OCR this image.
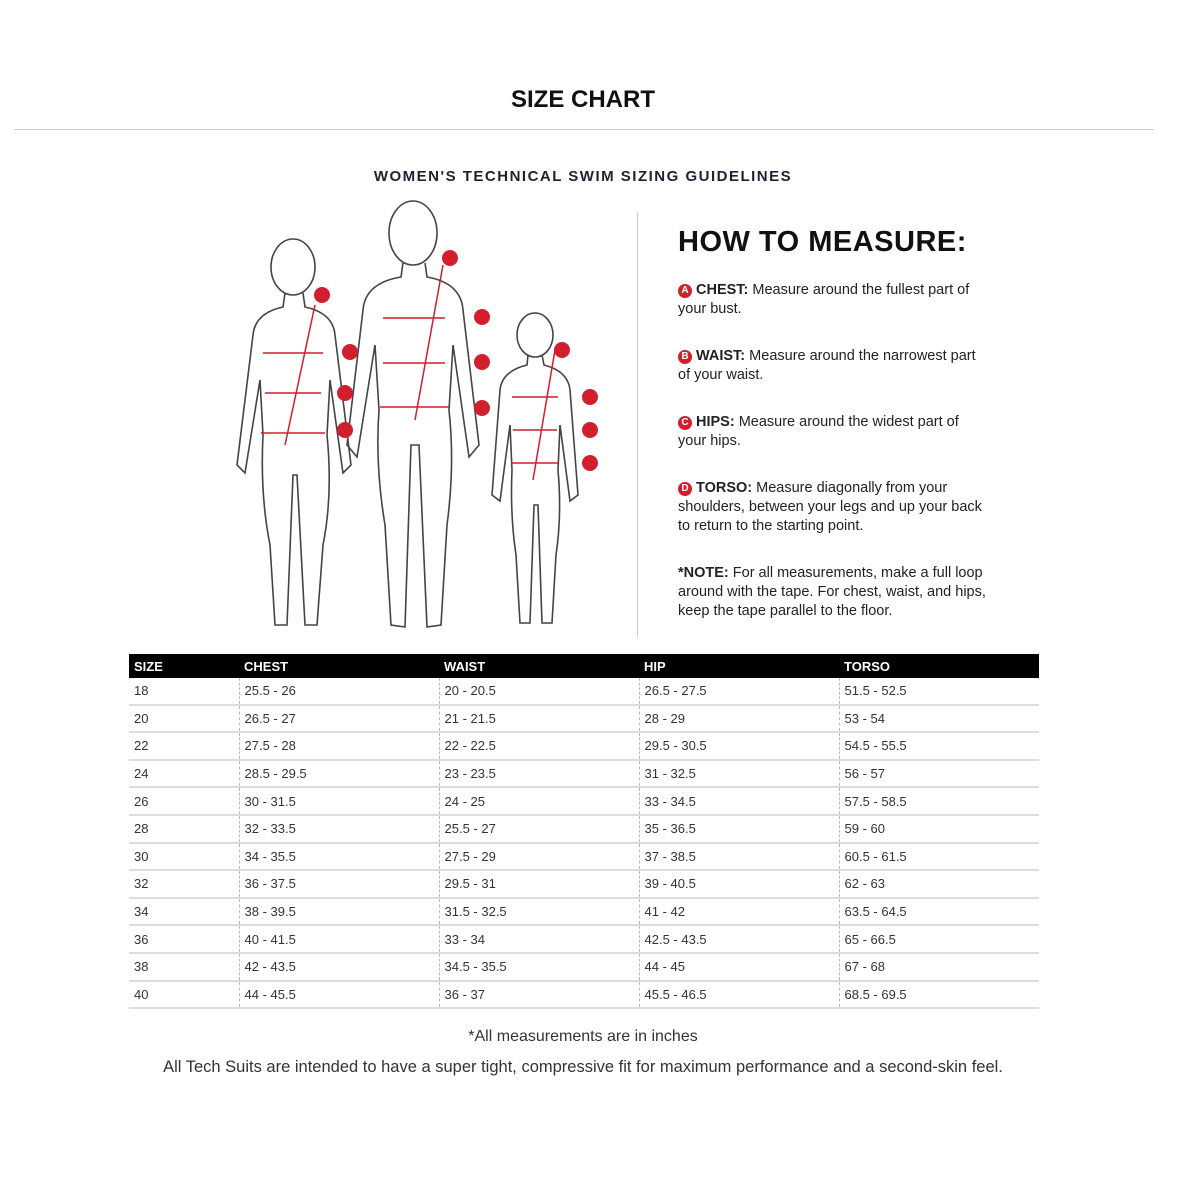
SIZE CHART
WOMEN'S TECHNICAL SWIM SIZING GUIDELINES
HOW TO MEASURE:
A CHEST: Measure around the fullest part of your bust.
B WAIST: Measure around the narrowest part of your waist.
C HIPS: Measure around the widest part of your hips.
D TORSO: Measure diagonally from your shoulders, between your legs and up your back to return to the starting point.
*NOTE: For all measurements, make a full loop around with the tape. For chest, waist, and hips, keep the tape parallel to the floor.
SIZE	CHEST	WAIST	HIP	TORSO
18	25.5 - 26	20 - 20.5	26.5 - 27.5	51.5 - 52.5
20	26.5 - 27	21 - 21.5	28 - 29	53 - 54
22	27.5 - 28	22 - 22.5	29.5 - 30.5	54.5 - 55.5
24	28.5 - 29.5	23 - 23.5	31 - 32.5	56 - 57
26	30 - 31.5	24 - 25	33 - 34.5	57.5 - 58.5
28	32 - 33.5	25.5 - 27	35 - 36.5	59 - 60
30	34 - 35.5	27.5 - 29	37 - 38.5	60.5 - 61.5
32	36 - 37.5	29.5 - 31	39 - 40.5	62 - 63
34	38 - 39.5	31.5 - 32.5	41 - 42	63.5 - 64.5
36	40 - 41.5	33 - 34	42.5 - 43.5	65 - 66.5
38	42 - 43.5	34.5 - 35.5	44 - 45	67 - 68
40	44 - 45.5	36 - 37	45.5 - 46.5	68.5 - 69.5
*All measurements are in inches
All Tech Suits are intended to have a super tight, compressive fit for maximum performance and a second-skin feel.
